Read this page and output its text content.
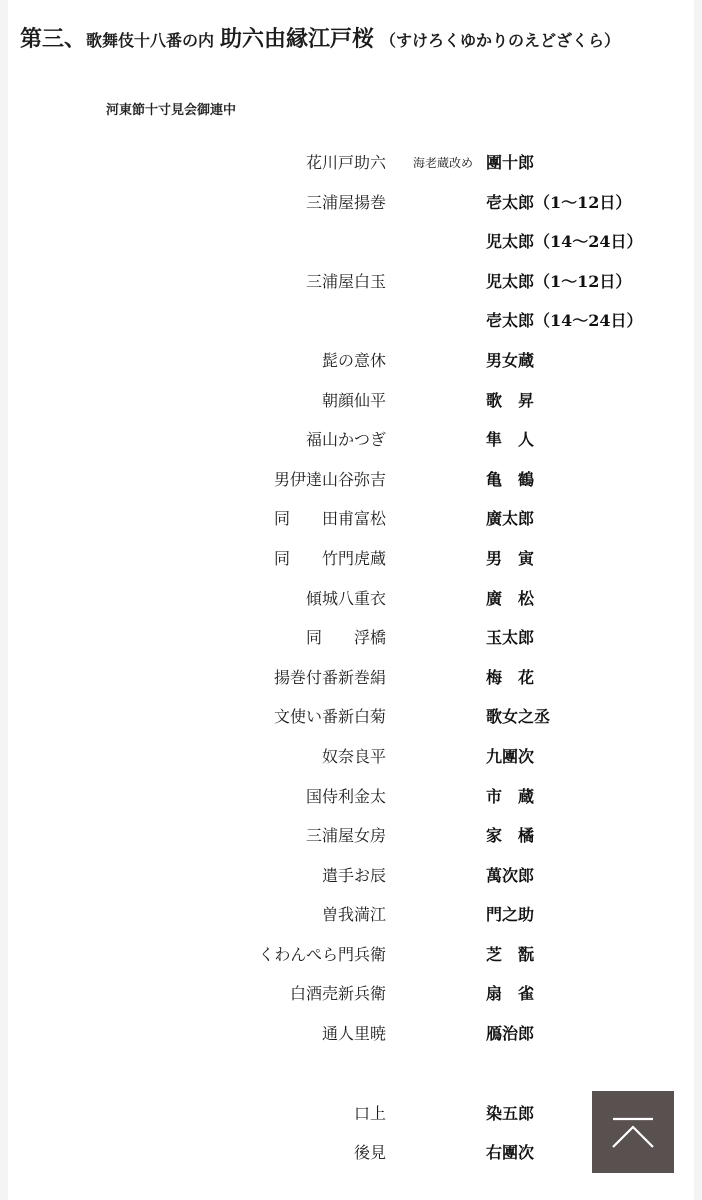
第三、歌舞伎十八番の内 助六由縁江戸桜 （すけろくゆかりのえどざくら）
河東節十寸見会御連中
花川戸助六 海老蔵改め 團十郎
三浦屋揚巻	壱太郎（1〜12日）
児太郎（14〜24日）
三浦屋白玉	児太郎（1〜12日）
壱太郎（14〜24日）
髭の意休	男女蔵
朝顔仙平	歌　昇
福山かつぎ	隼　人
男伊達山谷弥吉	亀　鶴
同　　田甫富松	廣太郎
同　　竹門虎蔵	男　寅
傾城八重衣	廣　松
同　　浮橋	玉太郎
揚巻付番新巻絹	梅　花
文使い番新白菊	歌女之丞
奴奈良平	九團次
国侍利金太	市　蔵
三浦屋女房	家　橘
遣手お辰	萬次郎
曽我満江	門之助
くわんぺら門兵衛	芝　翫
白酒売新兵衛	扇　雀
通人里暁	鴈治郎
口上	染五郎
後見	右團次
